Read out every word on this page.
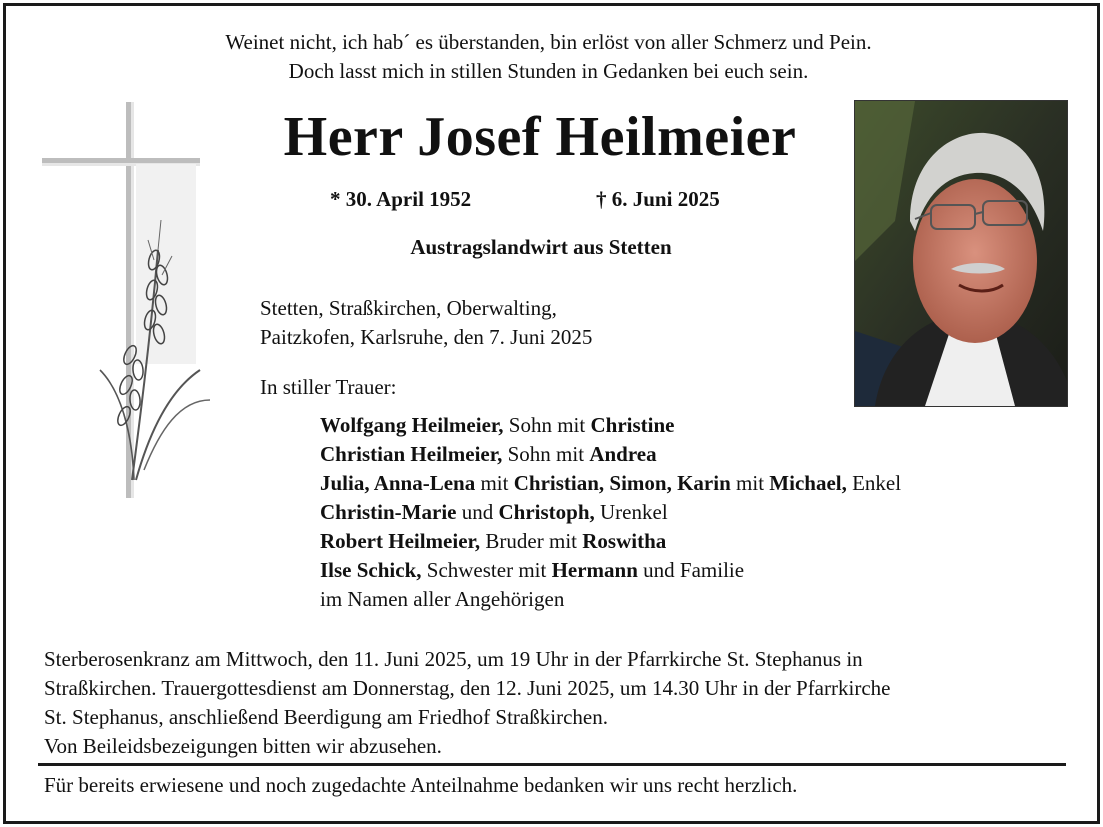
Weinet nicht, ich hab´ es überstanden, bin erlöst von aller Schmerz und Pein.
Doch lasst mich in stillen Stunden in Gedanken bei euch sein.
Herr Josef Heilmeier
* 30. April 1952	† 6. Juni 2025
Austragslandwirt aus Stetten
Stetten, Straßkirchen, Oberwalting,
Paitzkofen, Karlsruhe, den 7. Juni 2025
In stiller Trauer:
Wolfgang Heilmeier, Sohn mit Christine
Christian Heilmeier, Sohn mit Andrea
Julia, Anna-Lena mit Christian, Simon, Karin mit Michael, Enkel
Christin-Marie und Christoph, Urenkel
Robert Heilmeier, Bruder mit Roswitha
Ilse Schick, Schwester mit Hermann und Familie
im Namen aller Angehörigen
Sterberosenkranz am Mittwoch, den 11. Juni 2025, um 19 Uhr in der Pfarrkirche St. Stephanus in
Straßkirchen. Trauergottesdienst am Donnerstag, den 12. Juni 2025, um 14.30 Uhr in der Pfarrkirche
St. Stephanus, anschließend Beerdigung am Friedhof Straßkirchen.
Von Beileidsbezeigungen bitten wir abzusehen.
Für bereits erwiesene und noch zugedachte Anteilnahme bedanken wir uns recht herzlich.
